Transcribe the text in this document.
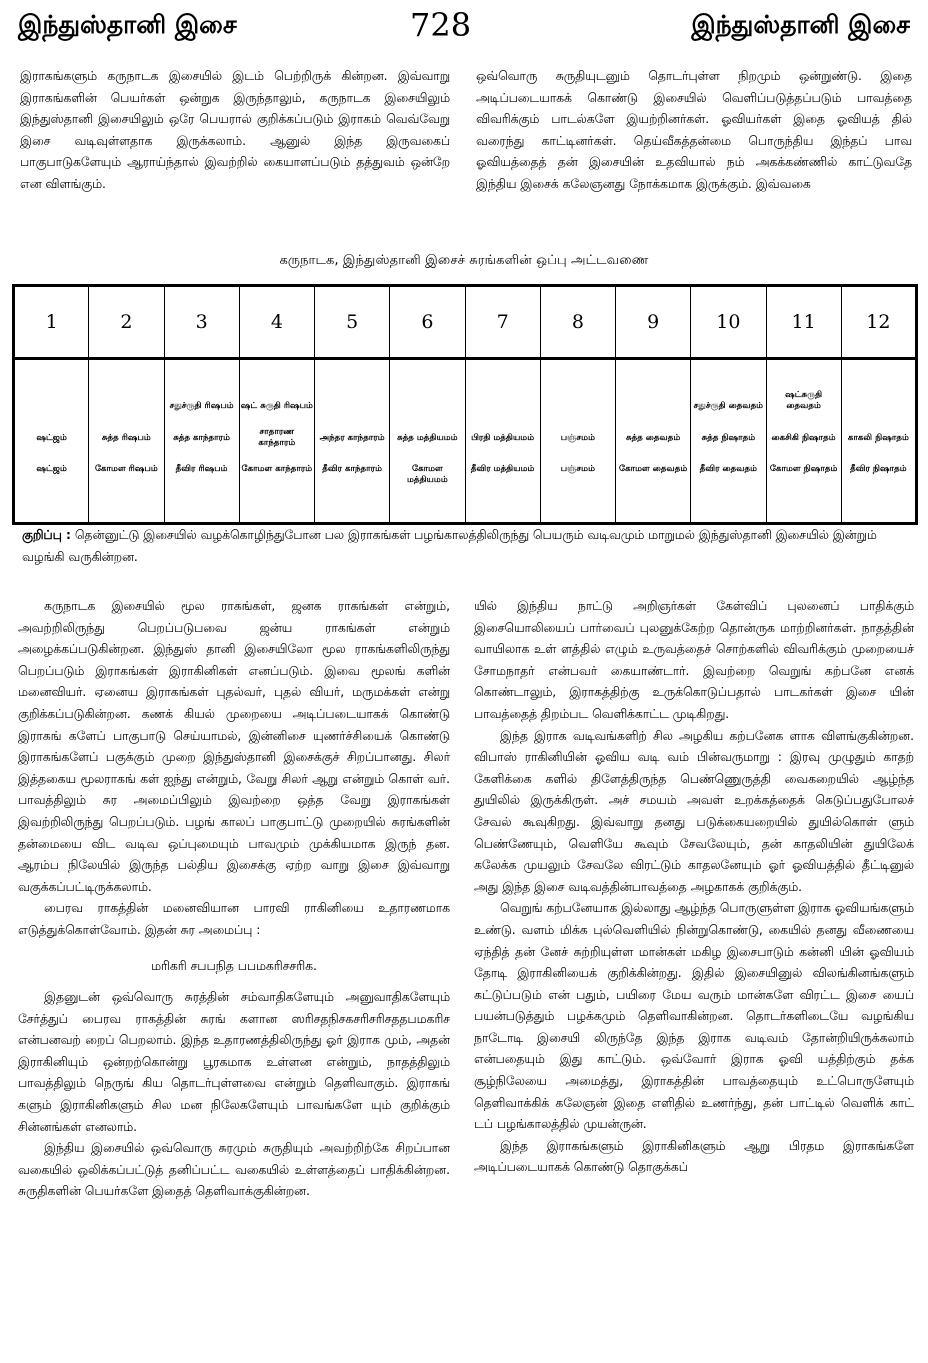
இந்துஸ்தானி இசை	728	இந்துஸ்தானி இசை

இராகங்களும் கருநாடக இசையில் இடம் பெற்றிருக் கின்றன. இவ்வாறு இராகங்களின் பெயர்கள் ஒன்றுக இருந்தாலும், கருநாடக இசையிலும் இந்துஸ்தானி இசையிலும் ஒரே பெயரால் குறிக்கப்படும் இராகம் வெவ்வேறு இசை வடிவுள்ளதாக இருக்கலாம். ஆனுல் இந்த இருவகைப் பாகுபாடுகளேயும் ஆராய்ந்தால் இவற்றில் கையாளப்படும் தத்துவம் ஒன்றே என விளங்கும்.

ஒவ்வொரு சுருதியுடனும் தொடர்புள்ள நிறமும் ஒன்றுண்டு. இதை அடிப்படையாகக் கொண்டு இசையில் வெளிப்படுத்தப்படும் பாவத்தை விவரிக்கும் பாடல்களே இயற்றினர்கள். ஓவியர்கள் இதை ஓவியத் தில் வரைந்து காட்டினர்கள். தெய்வீகத்தன்மை பொருந்திய இந்தப் பாவ ஓவியத்தைத் தன் இசையின் உதவியால் நம் அகக்கண்ணில் காட்டுவதே இந்திய இசைக் கலேஞனது நோக்கமாக இருக்கும். இவ்வகை

கருநாடக, இந்துஸ்தானி இசைச் சுரங்களின் ஒப்பு அட்டவணை
1	2	3	4	5	6	7	8	9	10	11	12
		சதுச்ருதி ரிஷபம்	ஷட் சுருதி ரிஷபம்						சதுச்ருதி தைவதம்	ஷட்சுருதி தைவதம்	
ஷட்ஜம்	சுத்த ரிஷபம்	சுத்த காந்தாரம்	சாதாரண காந்தாரம்	அந்தர காந்தாரம்	சுத்த மத்தியமம்	பிரதி மத்தியமம்	பஞ்சமம்	சுத்த தைவதம்	சுத்த நிஷாதம்	கைசிகி நிஷாதம்	காகலி நிஷாதம்
ஷட்ஜம்	கோமள ரிஷபம்	தீவிர ரிஷபம்	கோமள காந்தாரம்	தீவிர காந்தாரம்	கோமள மத்தியமம்	தீவிர மத்தியமம்	பஞ்சமம்	கோமள தைவதம்	தீவிர தைவதம்	கோமள நிஷாதம்	தீவிர நிஷாதம்
குறிப்பு : தென்னுட்டு இசையில் வழக்கொழிந்துபோன பல இராகங்கள் பழங்காலத்திலிருந்து பெயரும் வடிவமும் மாறுமல் இந்துஸ்தானி இசையில் இன்றும் வழங்கி வருகின்றன.

கருநாடக இசையில் மூல ராகங்கள், ஜனக ராகங்கள் என்றும், அவற்றிலிருந்து பெறப்படுபவை ஜன்ய ராகங்கள் என்றும் அழைக்கப்படுகின்றன. இந்துஸ் தானி இசையிலோ மூல ராகங்களிலிருந்து பெறப்படும் இராகங்கள் இராகினிகள் எனப்படும். இவை மூலங் களின் மனைவியர். ஏனைய இராகங்கள் புதல்வர், புதல் வியர், மருமக்கள் என்று குறிக்கப்படுகின்றன. கணக் கியல் முறையை அடிப்படையாகக் கொண்டு இராகங் களேப் பாகுபாடு செய்யாமல், இன்னிசை யுணர்ச்சியைக் கொண்டு இராகங்களேப் பகுக்கும் முறை இந்துஸ்தானி இசைக்குச் சிறப்பானது. சிலர் இத்தகைய மூலராகங் கள் ஐந்து என்றும், வேறு சிலர் ஆறு என்றும் கொள் வர். பாவத்திலும் சுர அமைப்பிலும் இவற்றை ஒத்த வேறு இராகங்கள் இவற்றிலிருந்து பெறப்படும். பழங் காலப் பாகுபாட்டு முறையில் சுரங்களின் தன்மையை விட வடிவ ஒப்புமையும் பாவமும் முக்கியமாக இருந் தன. ஆரம்ப நிலேயில் இருந்த பல்திய இசைக்கு ஏற்ற வாறு இசை இவ்வாறு வகுக்கப்பட்டிருக்கலாம்.

பைரவ ராகத்தின் மனைவியான பாரவி ராகினியை உதாரணமாக எடுத்துக்கொள்வோம். இதன் சுர அமைப்பு :

மரிகரி சபபநித பபமகரிசசரிக.

இதனுடன் ஒவ்வொரு சுரத்தின் சம்வாதிகளேயும் அனுவாதிகளேயும் சேர்த்துப் பைரவ ராகத்தின் சுரங் களான ஸரிசதநிசகசரிசரிசததபமகரிச என்பனவற் றைப் பெறலாம். இந்த உதாரணத்திலிருந்து ஓர் இராக மும், அதன் இராகினியும் ஒன்றற்கொன்று பூரகமாக உள்ளன என்றும், நாதத்திலும் பாவத்திலும் நெருங் கிய தொடர்புள்ளவை என்றும் தெளிவாகும். இராகங் களும் இராகினிகளும் சில மன நிலேகளேயும் பாவங்களே யும் குறிக்கும் சின்னங்கள் எனலாம்.

இந்திய இசையில் ஒவ்வொரு சுரமும் சுருதியும் அவற்றிற்கே சிறப்பான வகையில் ஒலிக்கப்பட்டுத் தனிப்பட்ட வகையில் உள்ளத்தைப் பாதிக்கின்றன. சுருதிகளின் பெயர்களே இதைத் தெளிவாக்குகின்றன.

யில் இந்திய நாட்டு அறிஞர்கள் கேள்விப் புலனைப் பாதிக்கும் இசையொலியைப் பார்வைப் புலனுக்கேற்ற தொன்ருக மாற்றினர்கள். நாதத்தின் வாயிலாக உள் ளத்தில் எழும் உருவத்தைச் சொற்களில் விவரிக்கும் முறையைச் சோமநாதர் என்பவர் கையாண்டார். இவற்றை வெறுங் கற்பனே எனக் கொண்டாலும், இராகத்திற்கு உருக்கொடுப்பதால் பாடகர்கள் இசை யின் பாவத்தைத் திறம்பட வெளிக்காட்ட முடிகிறது.

இந்த இராக வடிவங்களிற் சில அழகிய கற்பனேக ளாக விளங்குகின்றன. விபாஸ் ராகினியின் ஓவிய வடி வம் பின்வருமாறு : இரவு முழுதும் காதற் கேளிக்கை களில் திளேத்திருந்த பெண்ணுெருத்தி வைகறையில் ஆழ்ந்த துயிலில் இருக்கிருள். அச் சமயம் அவள் உறக்கத்தைக் கெடுப்பதுபோலச் சேவல் கூவுகிறது. இவ்வாறு தனது படுக்கையறையில் துயில்கொள் ளும் பெண்ணேயும், வெளியே கூவும் சேவலேயும், தன் காதலியின் துயிலேக் கலேக்க முயலும் சேவலே விரட்டும் காதலனேயும் ஓர் ஓவியத்தில் தீட்டினுல் அது இந்த இசை வடிவத்தின்பாவத்தை அழகாகக் குறிக்கும்.

வெறுங் கற்பனேயாக இல்லாது ஆழ்ந்த பொருளுள்ள இராக ஓவியங்களும் உண்டு. வளம் மிக்க புல்வெளியில் நின்றுகொண்டு, கையில் தனது வீணையை ஏந்தித் தன் னேச் சுற்றியுள்ள மான்கள் மகிழ இசைபாடும் கன்னி யின் ஓவியம் தோடி இராகினியைக் குறிக்கின்றது. இதில் இசையினுல் விலங்கினங்களும் கட்டுப்படும் என் பதும், பயிரை மேய வரும் மான்களே விரட்ட இசை யைப் பயன்படுத்தும் பழக்கமும் தெளிவாகின்றன. தொடர்களிடையே வழங்கிய நாடோடி இசையி லிருந்தே இந்த இராக வடிவம் தோன்றியிருக்கலாம் என்பதையும் இது காட்டும். ஒவ்வோர் இராக ஓவி யத்திற்கும் தக்க சூழ்நிலேயை அமைத்து, இராகத்தின் பாவத்தையும் உட்பொருளேயும் தெளிவாக்கிக் கலேஞன் இதை எளிதில் உணர்ந்து, தன் பாட்டில் வெளிக் காட் டப் பழங்காலத்தில் முயன்ருன்.

இந்த இராகங்களும் இராகினிகளும் ஆறு பிரதம இராகங்களே அடிப்படையாகக் கொண்டு தொகுக்கப்
